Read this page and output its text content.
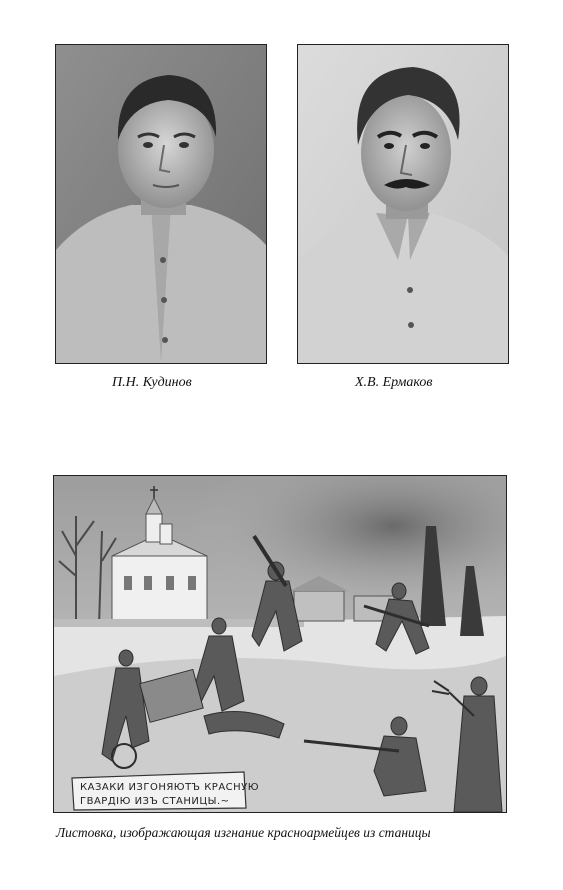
П.Н. Кудинов	Х.В. Ермаков
КАЗАКИ ИЗГОНЯЮТЪ КРАСНУЮ
ГВАРДІЮ ИЗЪ СТАНИЦЫ.~
Листовка, изображающая изгнание красноармейцев из станицы
